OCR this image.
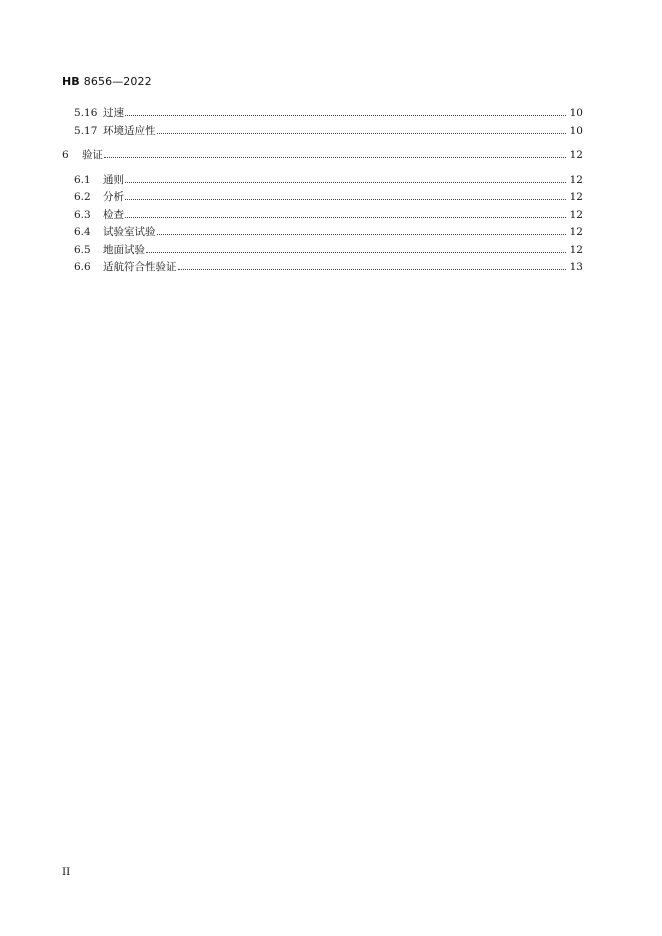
HB 8656—2022
5.16 过速	10
5.17 环境适应性	10
6	验证	12
6.1	通则	12
6.2	分析	12
6.3	检查	12
6.4	试验室试验	12
6.5	地面试验	12
6.6	适航符合性验证	13
II
